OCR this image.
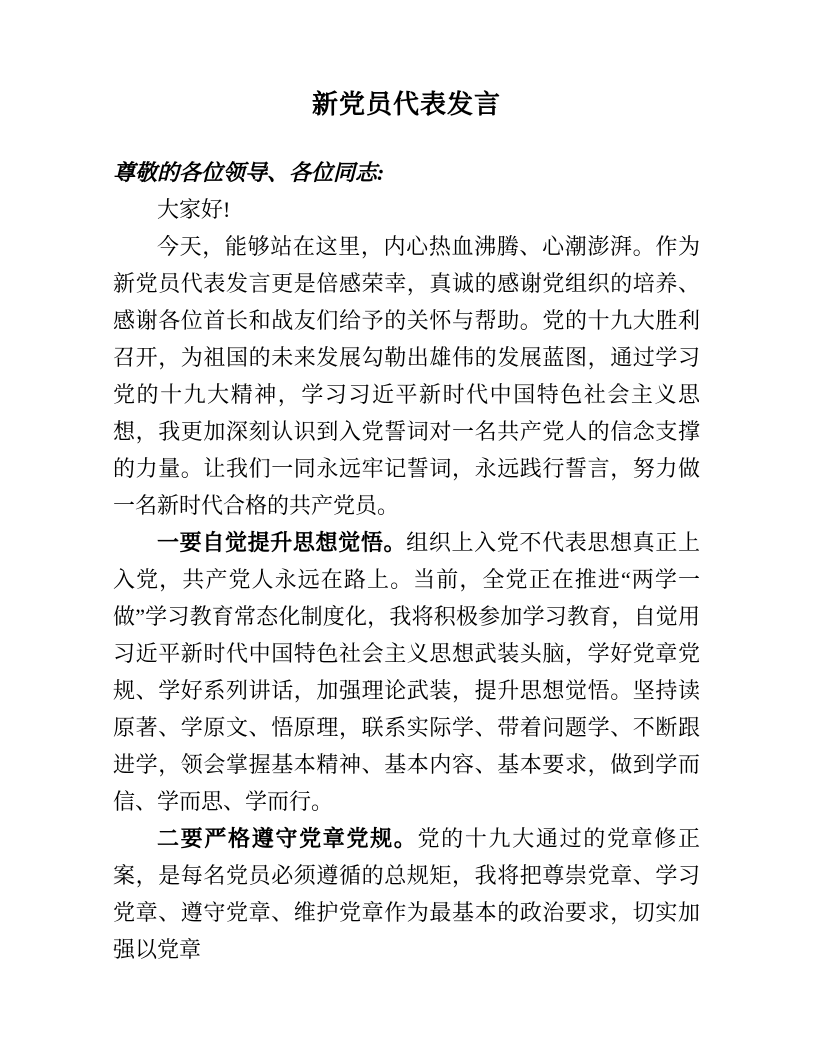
新党员代表发言

尊敬的各位领导、各位同志:

大家好!

今天，能够站在这里，内心热血沸腾、心潮澎湃。作为新党员代表发言更是倍感荣幸，真诚的感谢党组织的培养、感谢各位首长和战友们给予的关怀与帮助。党的十九大胜利召开，为祖国的未来发展勾勒出雄伟的发展蓝图，通过学习党的十九大精神，学习习近平新时代中国特色社会主义思想，我更加深刻认识到入党誓词对一名共产党人的信念支撑的力量。让我们一同永远牢记誓词，永远践行誓言，努力做一名新时代合格的共产党员。

一要自觉提升思想觉悟。组织上入党不代表思想真正上入党，共产党人永远在路上。当前，全党正在推进“两学一做”学习教育常态化制度化，我将积极参加学习教育，自觉用习近平新时代中国特色社会主义思想武装头脑，学好党章党规、学好系列讲话，加强理论武装，提升思想觉悟。坚持读原著、学原文、悟原理，联系实际学、带着问题学、不断跟进学，领会掌握基本精神、基本内容、基本要求，做到学而信、学而思、学而行。

二要严格遵守党章党规。党的十九大通过的党章修正案，是每名党员必须遵循的总规矩，我将把尊崇党章、学习党章、遵守党章、维护党章作为最基本的政治要求，切实加强以党章
